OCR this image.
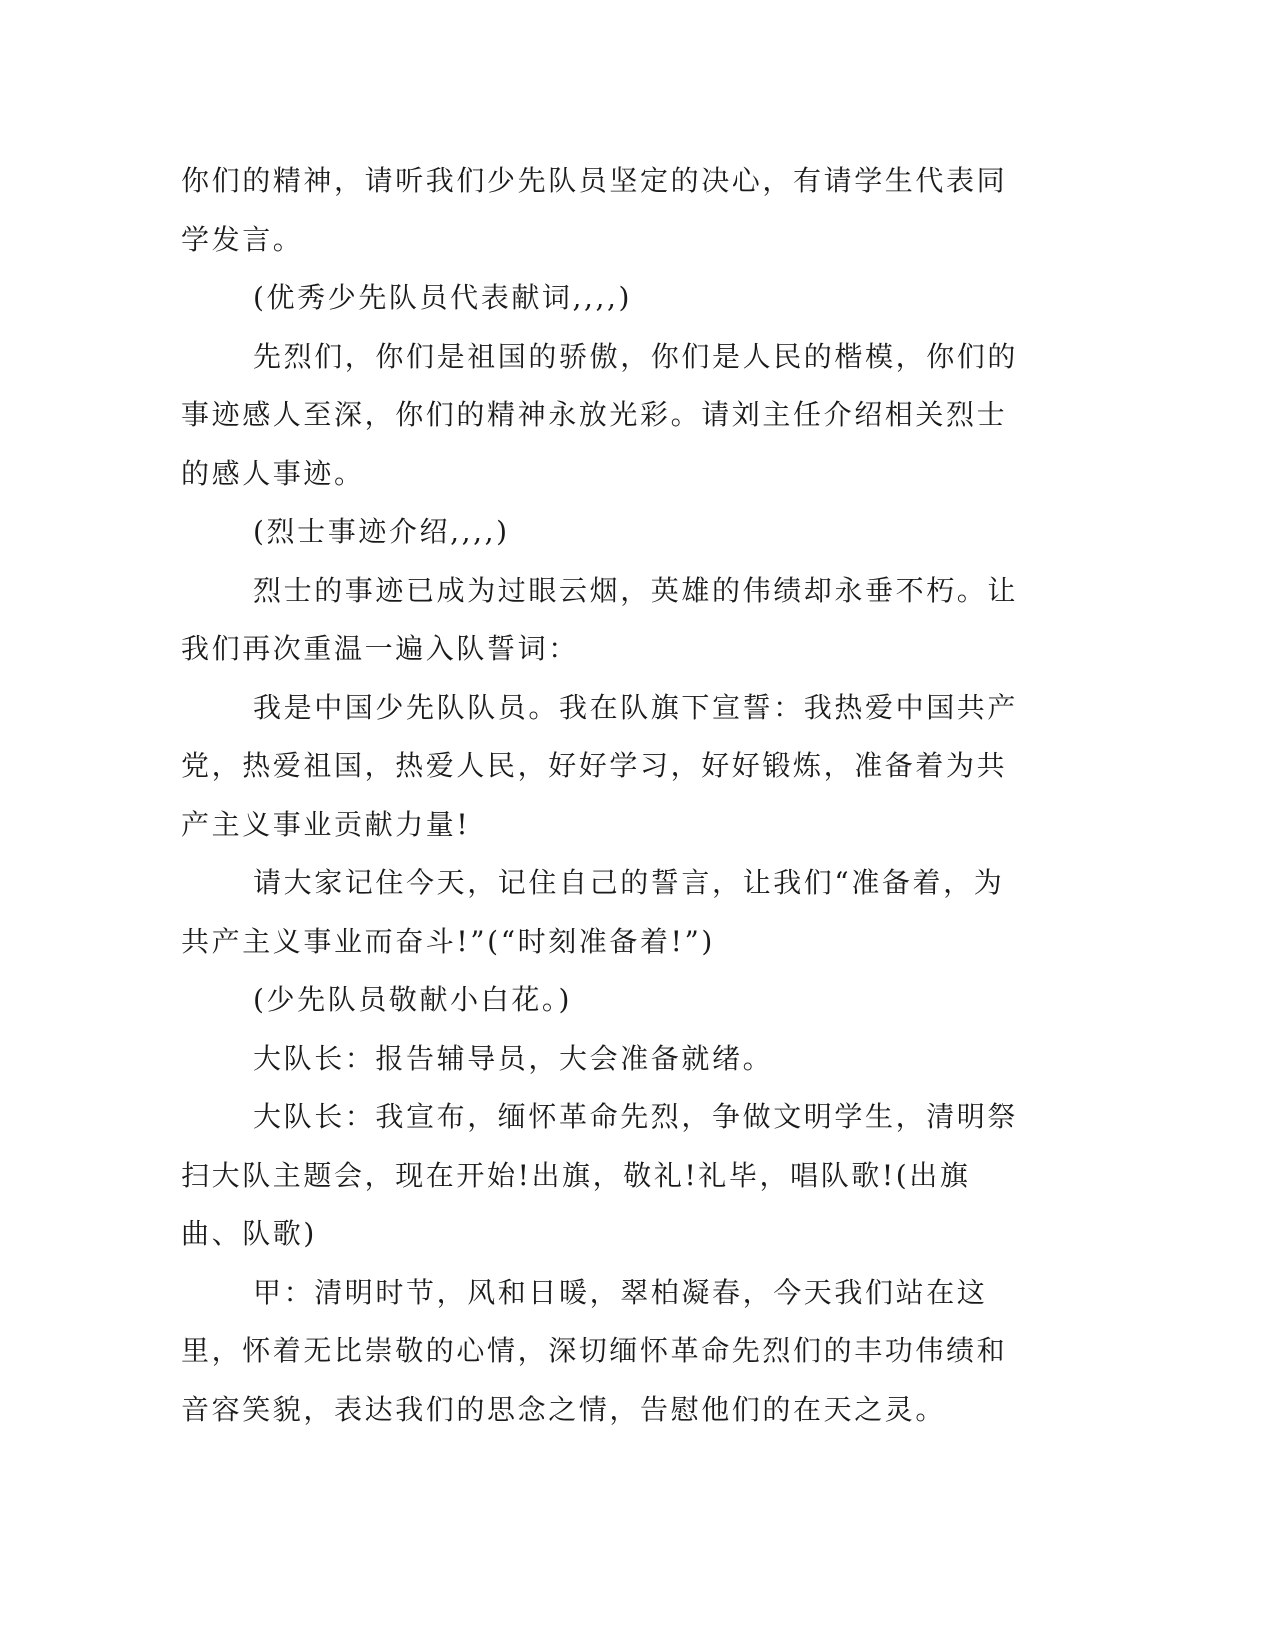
你们的精神，请听我们少先队员坚定的决心，有请学生代表同学发言。

(优秀少先队员代表献词,,,,)

先烈们，你们是祖国的骄傲，你们是人民的楷模，你们的事迹感人至深，你们的精神永放光彩。请刘主任介绍相关烈士的感人事迹。

(烈士事迹介绍,,,,)

烈士的事迹已成为过眼云烟，英雄的伟绩却永垂不朽。让我们再次重温一遍入队誓词：

我是中国少先队队员。我在队旗下宣誓：我热爱中国共产党，热爱祖国，热爱人民，好好学习，好好锻炼，准备着为共产主义事业贡献力量!

请大家记住今天，记住自己的誓言，让我们“准备着，为共产主义事业而奋斗!”(“时刻准备着!”)

(少先队员敬献小白花。)

大队长：报告辅导员，大会准备就绪。

大队长：我宣布，缅怀革命先烈，争做文明学生，清明祭扫大队主题会，现在开始!出旗，敬礼!礼毕，唱队歌!(出旗曲、队歌)

甲：清明时节，风和日暖，翠柏凝春，今天我们站在这里，怀着无比崇敬的心情，深切缅怀革命先烈们的丰功伟绩和音容笑貌，表达我们的思念之情，告慰他们的在天之灵。
